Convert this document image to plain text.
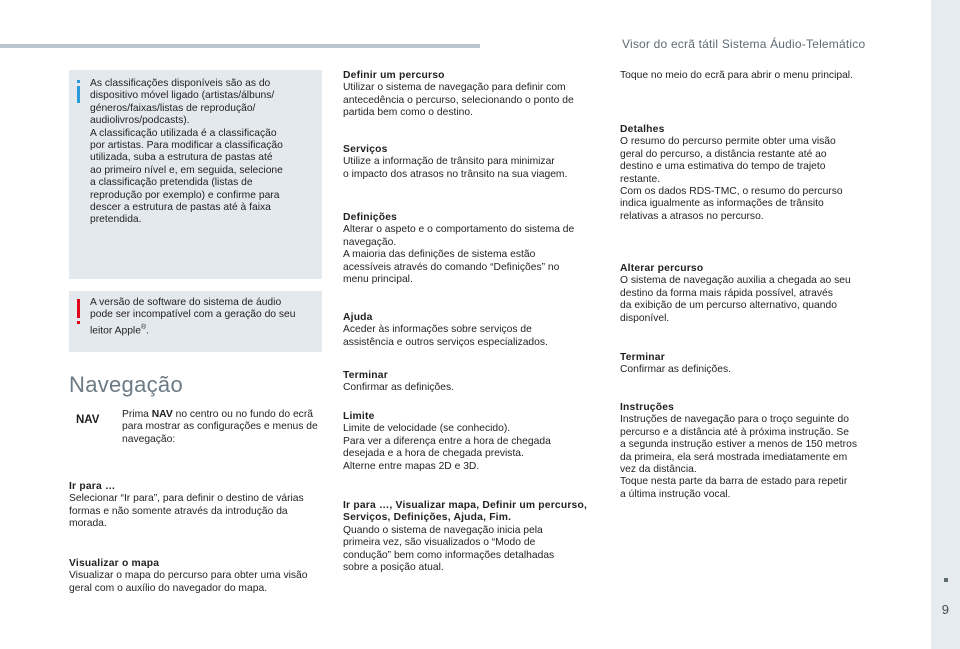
Visor do ecrã tátil Sistema Áudio-Telemático
9
As classificações disponíveis são as do
dispositivo móvel ligado (artistas/álbuns/
géneros/faixas/listas de reprodução/
audiolivros/podcasts).
A classificação utilizada é a classificação
por artistas. Para modificar a classificação
utilizada, suba a estrutura de pastas até
ao primeiro nível e, em seguida, selecione
a classificação pretendida (listas de
reprodução por exemplo) e confirme para
descer a estrutura de pastas até à faixa
pretendida.
A versão de software do sistema de áudio
pode ser incompatível com a geração do seu
leitor Apple®.
Navegação
NAV Prima NAV no centro ou no fundo do ecrã para mostrar as configurações e menus de navegação:
Ir para …
Selecionar “Ir para”, para definir o destino de várias
formas e não somente através da introdução da
morada.
Visualizar o mapa
Visualizar o mapa do percurso para obter uma visão
geral com o auxílio do navegador do mapa.
Definir um percurso
Utilizar o sistema de navegação para definir com
antecedência o percurso, selecionando o ponto de
partida bem como o destino.
Serviços
Utilize a informação de trânsito para minimizar
o impacto dos atrasos no trânsito na sua viagem.
Definições
Alterar o aspeto e o comportamento do sistema de
navegação.
A maioria das definições de sistema estão
acessíveis através do comando “Definições” no
menu principal.
Ajuda
Aceder às informações sobre serviços de
assistência e outros serviços especializados.
Terminar
Confirmar as definições.
Limite
Limite de velocidade (se conhecido).
Para ver a diferença entre a hora de chegada
desejada e a hora de chegada prevista.
Alterne entre mapas 2D e 3D.
Ir para …, Visualizar mapa, Definir um percurso,
Serviços, Definições, Ajuda, Fim.
Quando o sistema de navegação inicia pela
primeira vez, são visualizados o “Modo de
condução” bem como informações detalhadas
sobre a posição atual.
Toque no meio do ecrã para abrir o menu principal.
Detalhes
O resumo do percurso permite obter uma visão
geral do percurso, a distância restante até ao
destino e uma estimativa do tempo de trajeto
restante.
Com os dados RDS-TMC, o resumo do percurso
indica igualmente as informações de trânsito
relativas a atrasos no percurso.
Alterar percurso
O sistema de navegação auxilia a chegada ao seu
destino da forma mais rápida possível, através
da exibição de um percurso alternativo, quando
disponível.
Terminar
Confirmar as definições.
Instruções
Instruções de navegação para o troço seguinte do
percurso e a distância até à próxima instrução. Se
a segunda instrução estiver a menos de 150 metros
da primeira, ela será mostrada imediatamente em
vez da distância.
Toque nesta parte da barra de estado para repetir
a última instrução vocal.
